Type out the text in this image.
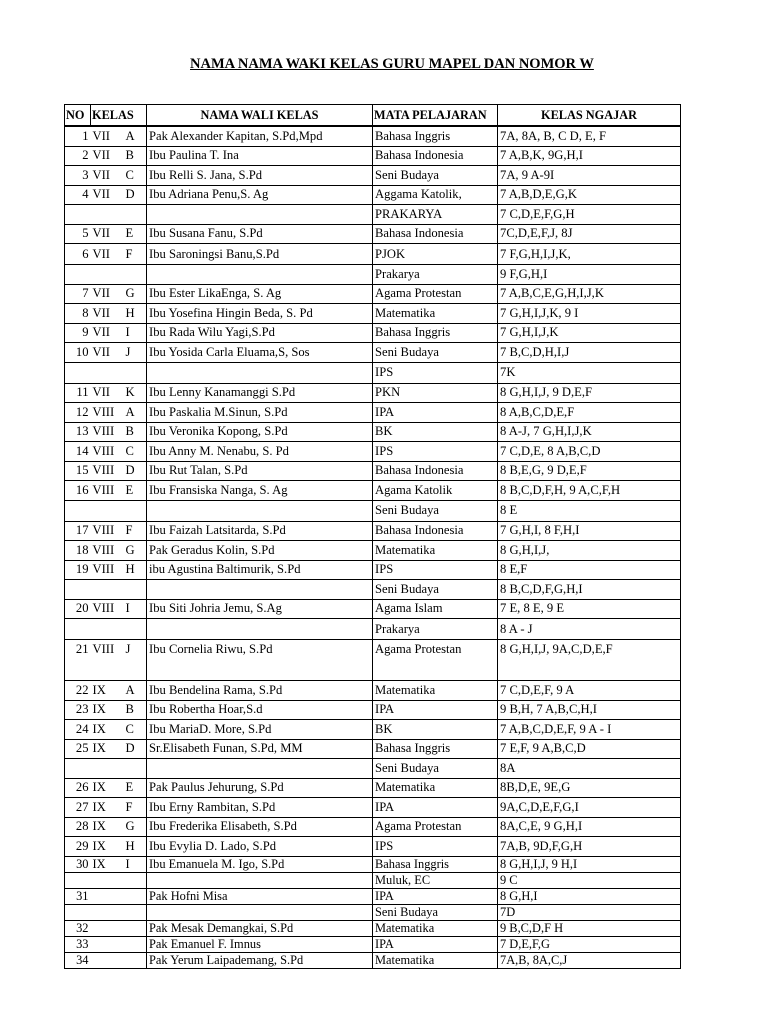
NAMA NAMA WAKI KELAS GURU MAPEL DAN NOMOR W
NO	KELAS		NAMA WALI KELAS	MATA PELAJARAN	KELAS NGAJAR
1	VII	A	Pak Alexander Kapitan, S.Pd,Mpd	Bahasa Inggris	7A, 8A, B, C D, E, F
2	VII	B	Ibu Paulina T. Ina	Bahasa Indonesia	7 A,B,K, 9G,H,I
3	VII	C	Ibu Relli S. Jana, S.Pd	Seni Budaya	7A, 9 A-9I
4	VII	D	Ibu Adriana Penu,S. Ag	Aggama Katolik,	7 A,B,D,E,G,K
				PRAKARYA	7 C,D,E,F,G,H
5	VII	E	Ibu Susana Fanu, S.Pd	Bahasa Indonesia	7C,D,E,F,J, 8J
6	VII	F	Ibu Saroningsi Banu,S.Pd	PJOK	7 F,G,H,I,J,K,
				Prakarya	9 F,G,H,I
7	VII	G	Ibu Ester LikaEnga, S. Ag	Agama Protestan	7 A,B,C,E,G,H,I,J,K
8	VII	H	Ibu Yosefina Hingin Beda, S. Pd	Matematika	7 G,H,I,J,K, 9 I
9	VII	I	Ibu Rada Wilu Yagi,S.Pd	Bahasa Inggris	7 G,H,I,J,K
10	VII	J	Ibu Yosida Carla Eluama,S, Sos	Seni Budaya	7 B,C,D,H,I,J
				IPS	7K
11	VII	K	Ibu Lenny Kanamanggi S.Pd	PKN	8 G,H,I,J, 9 D,E,F
12	VIII	A	Ibu Paskalia M.Sinun, S.Pd	IPA	8 A,B,C,D,E,F
13	VIII	B	Ibu Veronika Kopong, S.Pd	BK	8 A-J, 7 G,H,I,J,K
14	VIII	C	Ibu Anny M. Nenabu, S. Pd	IPS	7 C,D,E, 8 A,B,C,D
15	VIII	D	Ibu Rut Talan, S.Pd	Bahasa Indonesia	8 B,E,G, 9 D,E,F
16	VIII	E	Ibu Fransiska Nanga, S. Ag	Agama Katolik	8 B,C,D,F,H, 9 A,C,F,H
				Seni Budaya	8 E
17	VIII	F	Ibu Faizah Latsitarda, S.Pd	Bahasa Indonesia	7 G,H,I, 8 F,H,I
18	VIII	G	Pak Geradus Kolin, S.Pd	Matematika	8 G,H,I,J,
19	VIII	H	ibu Agustina Baltimurik, S.Pd	IPS	8 E,F
				Seni Budaya	8 B,C,D,F,G,H,I
20	VIII	I	Ibu Siti Johria Jemu, S.Ag	Agama Islam	7 E, 8 E, 9 E
				Prakarya	8 A - J
21	VIII	J	Ibu Cornelia Riwu, S.Pd	Agama Protestan	8 G,H,I,J, 9A,C,D,E,F
22	IX	A	Ibu Bendelina Rama, S.Pd	Matematika	7 C,D,E,F, 9 A
23	IX	B	Ibu Robertha Hoar,S.d	IPA	9 B,H, 7 A,B,C,H,I
24	IX	C	Ibu MariaD. More, S.Pd	BK	7 A,B,C,D,E,F, 9 A - I
25	IX	D	Sr.Elisabeth Funan, S.Pd, MM	Bahasa Inggris	7 E,F, 9 A,B,C,D
				Seni Budaya	8A
26	IX	E	Pak Paulus Jehurung, S.Pd	Matematika	8B,D,E, 9E,G
27	IX	F	Ibu Erny Rambitan, S.Pd	IPA	9A,C,D,E,F,G,I
28	IX	G	Ibu Frederika Elisabeth, S.Pd	Agama Protestan	8A,C,E, 9 G,H,I
29	IX	H	Ibu Evylia D. Lado, S.Pd	IPS	7A,B, 9D,F,G,H
30	IX	I	Ibu Emanuela M. Igo, S.Pd	Bahasa Inggris	8 G,H,I,J, 9 H,I
				Muluk, EC	9 C
31			Pak Hofni Misa	IPA	8 G,H,I
				Seni Budaya	7D
32			Pak Mesak Demangkai, S.Pd	Matematika	9 B,C,D,F H
33			Pak Emanuel F. Imnus	IPA	7 D,E,F,G
34			Pak Yerum Laipademang, S.Pd	Matematika	7A,B, 8A,C,J
